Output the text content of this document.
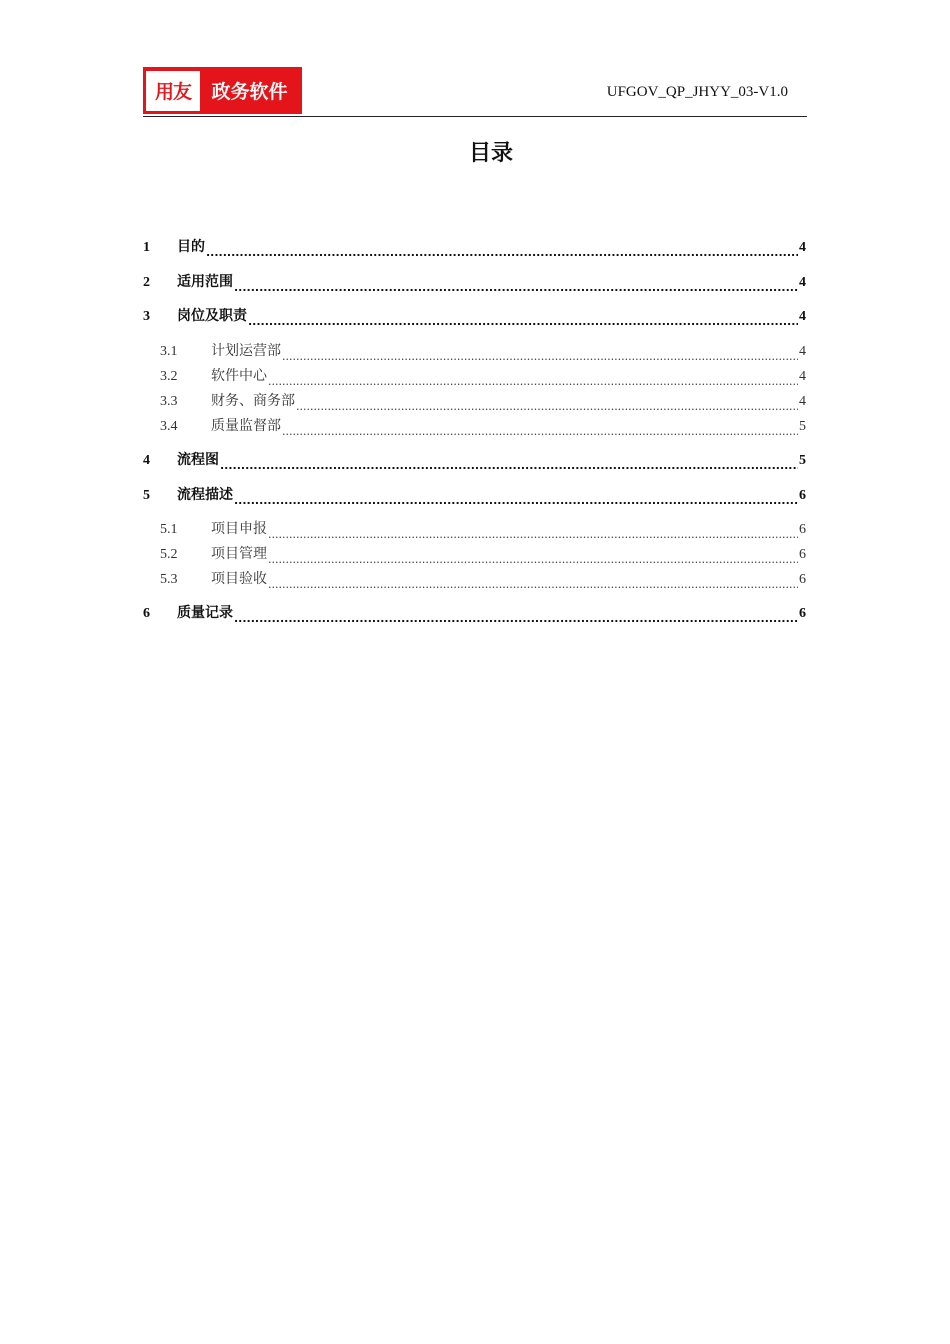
用友	政务软件	UFGOV_QP_JHYY_03-V1.0
目录
1	目的 .....	4
2	适用范围 .....	4
3	岗位及职责 .....	4
3.1	计划运营部 .....	4
3.2	软件中心 .....	4
3.3	财务、商务部 .....	4
3.4	质量监督部 .....	5
4	流程图 .....	5
5	流程描述 .....	6
5.1	项目申报 .....	6
5.2	项目管理 .....	6
5.3	项目验收 .....	6
6	质量记录 .....	6
